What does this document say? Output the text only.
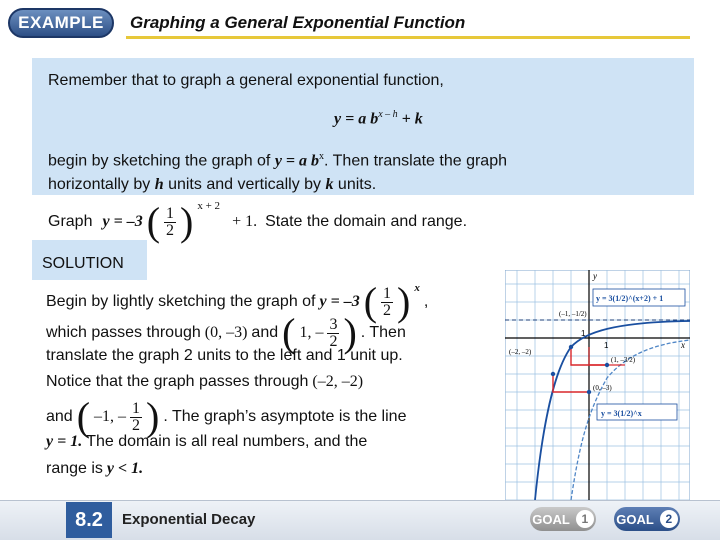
EXAMPLE	Graphing a General Exponential Function
Remember that to graph a general exponential function,
y = a $b^{x - h} + k$
begin by sketching the graph of y = a $b^x$. Then translate the graph
horizontally by h units and vertically by k units.
Graph y = –3 ( $\frac{1}{2}$ ) x + 2
+ 1. State the domain and range.
SOLUTION
Begin by lightly sketching the graph of y = –3 ( $\frac{1}{2}$ ) x
,
which passes through (0, –3) and ( 1, – $\frac{3}{2}$ ) . Then
translate the graph 2 units to the left and 1 unit up.
Notice that the graph passes through (–2, –2)
and ( –1, – $\frac{1}{2}$ ) . The graph’s asymptote is the line
y = 1. The domain is all real numbers, and the
range is y < 1.
x
y
1
1
y = 3(1/2)^(x+2) + 1
y = 3(1/2)^x
(–1, –1/2)
(–2, –2)
(1, –3/2)
(0, –3)
8.2	Exponential Decay	GOAL 1	GOAL 2
